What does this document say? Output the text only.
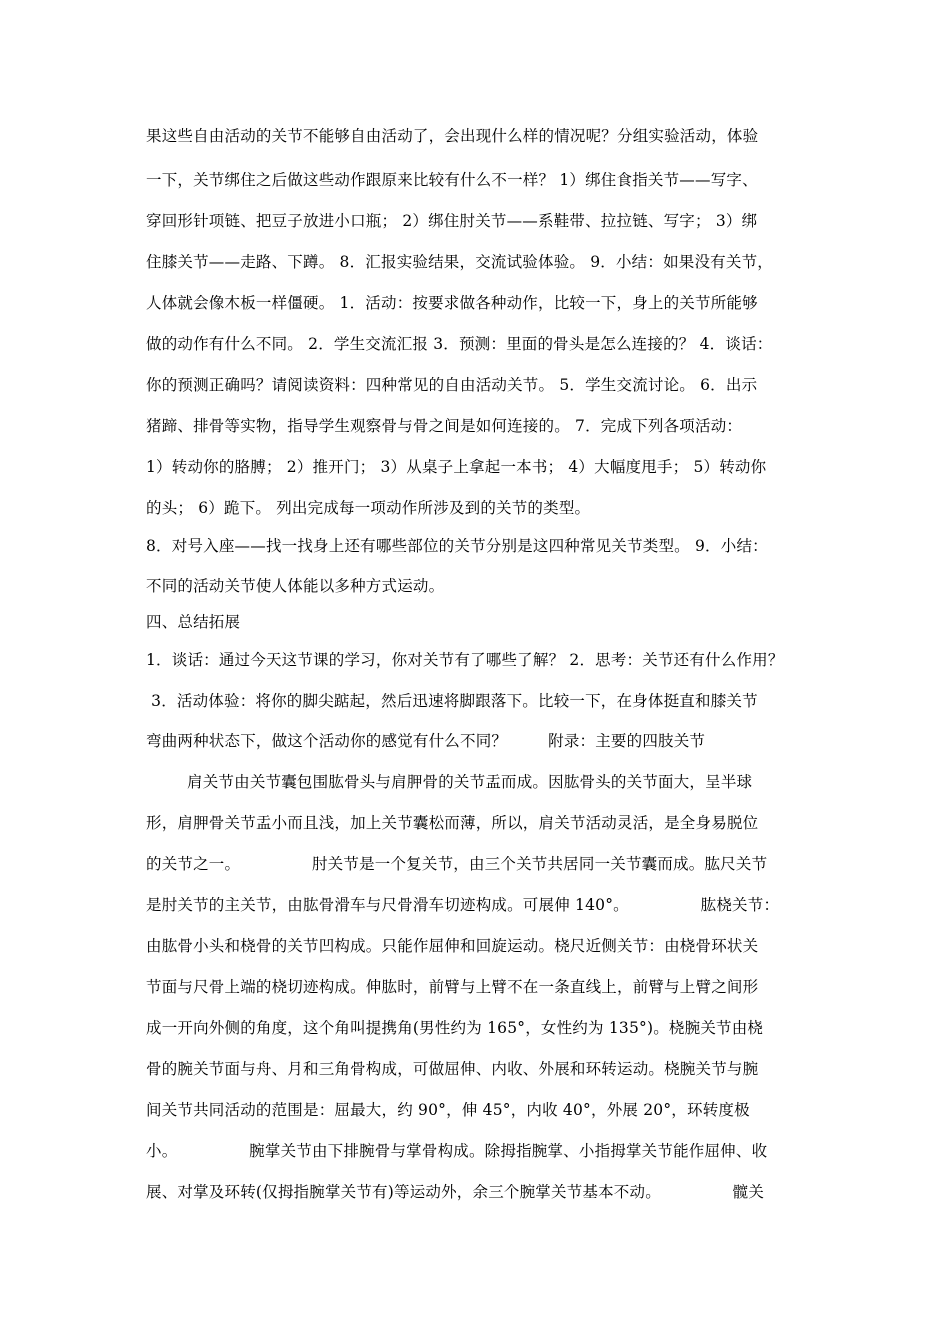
果这些自由活动的关节不能够自由活动了，会出现什么样的情况呢？分组实验活动，体验
一下，关节绑住之后做这些动作跟原来比较有什么不一样？ 1）绑住食指关节——写字、
穿回形针项链、把豆子放进小口瓶； 2）绑住肘关节——系鞋带、拉拉链、写字； 3）绑
住膝关节——走路、下蹲。 8．汇报实验结果，交流试验体验。 9．小结：如果没有关节，
人体就会像木板一样僵硬。 1．活动：按要求做各种动作，比较一下，身上的关节所能够
做的动作有什么不同。 2．学生交流汇报 3．预测：里面的骨头是怎么连接的？ 4．谈话：
你的预测正确吗？请阅读资料：四种常见的自由活动关节。 5．学生交流讨论。 6．出示
猪蹄、排骨等实物，指导学生观察骨与骨之间是如何连接的。 7．完成下列各项活动：
1）转动你的胳膊； 2）推开门； 3）从桌子上拿起一本书； 4）大幅度甩手； 5）转动你
的头； 6）跪下。 列出完成每一项动作所涉及到的关节的类型。
8．对号入座——找一找身上还有哪些部位的关节分别是这四种常见关节类型。 9．小结：
不同的活动关节使人体能以多种方式运动。
四、总结拓展
1．谈话：通过今天这节课的学习，你对关节有了哪些了解？ 2．思考：关节还有什么作用？
3．活动体验：将你的脚尖踮起，然后迅速将脚跟落下。比较一下，在身体挺直和膝关节
弯曲两种状态下，做这个活动你的感觉有什么不同？        附录：主要的四肢关节
肩关节由关节囊包围肱骨头与肩胛骨的关节盂而成。因肱骨头的关节面大，呈半球
形，肩胛骨关节盂小而且浅，加上关节囊松而薄，所以，肩关节活动灵活，是全身易脱位
的关节之一。              肘关节是一个复关节，由三个关节共居同一关节囊而成。肱尺关节
是肘关节的主关节，由肱骨滑车与尺骨滑车切迹构成。可展伸 140°。              肱桡关节：
由肱骨小头和桡骨的关节凹构成。只能作屈伸和回旋运动。桡尺近侧关节：由桡骨环状关
节面与尺骨上端的桡切迹构成。伸肱时，前臂与上臂不在一条直线上，前臂与上臂之间形
成一开向外侧的角度，这个角叫提携角(男性约为 165°，女性约为 135°)。桡腕关节由桡
骨的腕关节面与舟、月和三角骨构成，可做屈伸、内收、外展和环转运动。桡腕关节与腕
间关节共同活动的范围是：屈最大，约 90°，伸 45°，内收 40°，外展 20°，环转度极
小。              腕掌关节由下排腕骨与掌骨构成。除拇指腕掌、小指拇掌关节能作屈伸、收
展、对掌及环转(仅拇指腕掌关节有)等运动外，余三个腕掌关节基本不动。              髋关
